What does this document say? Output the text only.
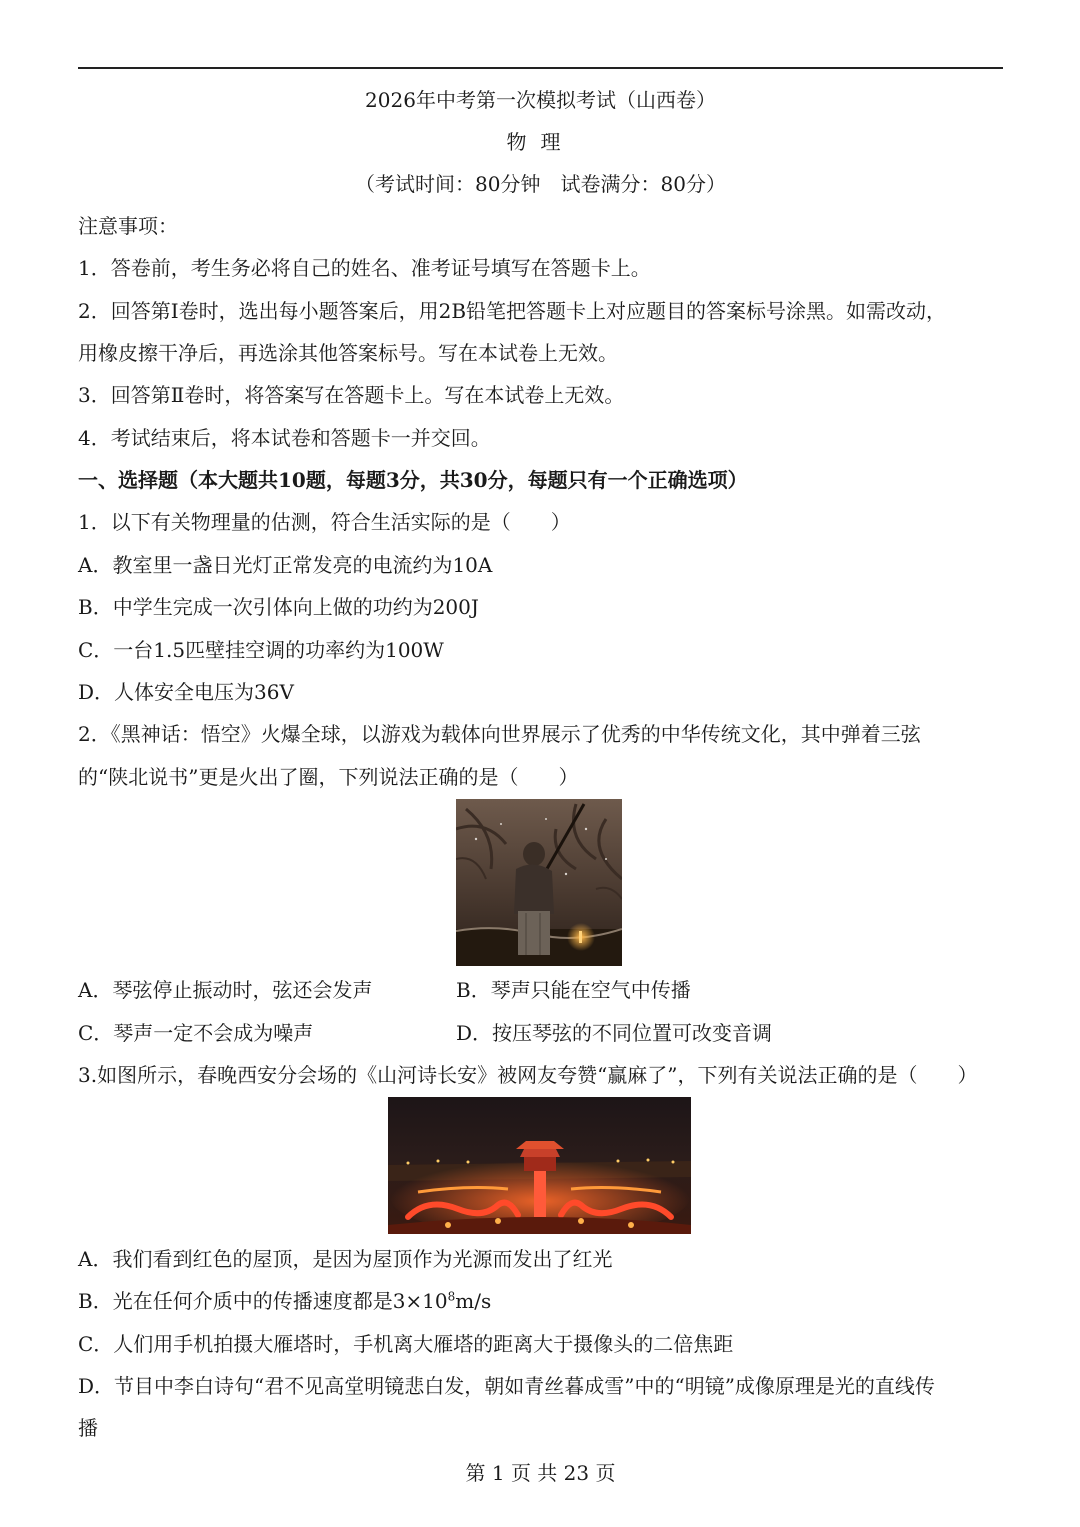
2026年中考第一次模拟考试（山西卷）
物理
（考试时间：80分钟　试卷满分：80分）
注意事项：
1．答卷前，考生务必将自己的姓名、准考证号填写在答题卡上。
2．回答第Ⅰ卷时，选出每小题答案后，用2B铅笔把答题卡上对应题目的答案标号涂黑。如需改动，
用橡皮擦干净后，再选涂其他答案标号。写在本试卷上无效。
3．回答第Ⅱ卷时，将答案写在答题卡上。写在本试卷上无效。
4．考试结束后，将本试卷和答题卡一并交回。
一、选择题（本大题共10题，每题3分，共30分，每题只有一个正确选项）
1．以下有关物理量的估测，符合生活实际的是（　　）
A．教室里一盏日光灯正常发亮的电流约为10A
B．中学生完成一次引体向上做的功约为200J
C．一台1.5匹壁挂空调的功率约为100W
D．人体安全电压为36V
2．《黑神话：悟空》火爆全球，以游戏为载体向世界展示了优秀的中华传统文化，其中弹着三弦
的“陕北说书”更是火出了圈，下列说法正确的是（　　）
A．琴弦停止振动时，弦还会发声	B．琴声只能在空气中传播
C．琴声一定不会成为噪声	D．按压琴弦的不同位置可改变音调
3.如图所示，春晚西安分会场的《山河诗长安》被网友夸赞“赢麻了”，下列有关说法正确的是（　　）
A．我们看到红色的屋顶，是因为屋顶作为光源而发出了红光
B．光在任何介质中的传播速度都是$3\times 10^8m/s$
C．人们用手机拍摄大雁塔时，手机离大雁塔的距离大于摄像头的二倍焦距
D．节目中李白诗句“君不见高堂明镜悲白发，朝如青丝暮成雪”中的“明镜”成像原理是光的直线传
播
第 1 页 共 23 页
